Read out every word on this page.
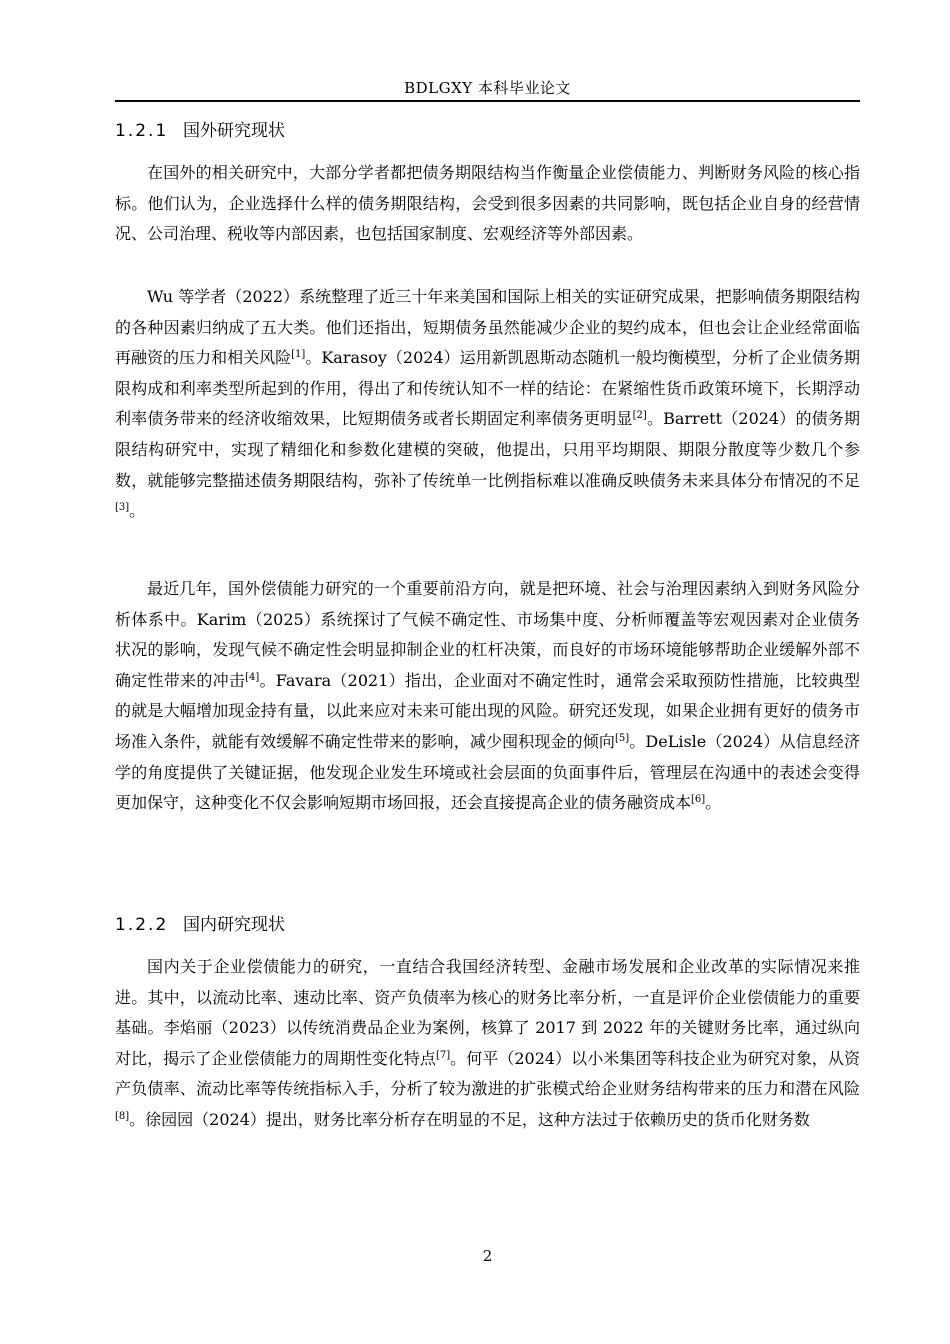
BDLGXY 本科毕业论文
1.2.1 国外研究现状

在国外的相关研究中，大部分学者都把债务期限结构当作衡量企业偿债能力、判断财务风险的核心指标。他们认为，企业选择什么样的债务期限结构，会受到很多因素的共同影响，既包括企业自身的经营情况、公司治理、税收等内部因素，也包括国家制度、宏观经济等外部因素。

Wu 等学者（2022）系统整理了近三十年来美国和国际上相关的实证研究成果，把影响债务期限结构的各种因素归纳成了五大类。他们还指出，短期债务虽然能减少企业的契约成本，但也会让企业经常面临再融资的压力和相关风险[1]。Karasoy（2024）运用新凯恩斯动态随机一般均衡模型，分析了企业债务期限构成和利率类型所起到的作用，得出了和传统认知不一样的结论：在紧缩性货币政策环境下，长期浮动利率债务带来的经济收缩效果，比短期债务或者长期固定利率债务更明显[2]。Barrett（2024）的债务期限结构研究中，实现了精细化和参数化建模的突破，他提出，只用平均期限、期限分散度等少数几个参数，就能够完整描述债务期限结构，弥补了传统单一比例指标难以准确反映债务未来具体分布情况的不足[3]。

最近几年，国外偿债能力研究的一个重要前沿方向，就是把环境、社会与治理因素纳入到财务风险分析体系中。Karim（2025）系统探讨了气候不确定性、市场集中度、分析师覆盖等宏观因素对企业债务状况的影响，发现气候不确定性会明显抑制企业的杠杆决策，而良好的市场环境能够帮助企业缓解外部不确定性带来的冲击[4]。Favara（2021）指出，企业面对不确定性时，通常会采取预防性措施，比较典型的就是大幅增加现金持有量，以此来应对未来可能出现的风险。研究还发现，如果企业拥有更好的债务市场准入条件，就能有效缓解不确定性带来的影响，减少囤积现金的倾向[5]。DeLisle（2024）从信息经济学的角度提供了关键证据，他发现企业发生环境或社会层面的负面事件后，管理层在沟通中的表述会变得更加保守，这种变化不仅会影响短期市场回报，还会直接提高企业的债务融资成本[6]。

1.2.2 国内研究现状

国内关于企业偿债能力的研究，一直结合我国经济转型、金融市场发展和企业改革的实际情况来推进。其中，以流动比率、速动比率、资产负债率为核心的财务比率分析，一直是评价企业偿债能力的重要基础。李焰丽（2023）以传统消费品企业为案例，核算了 2017 到 2022 年的关键财务比率，通过纵向对比，揭示了企业偿债能力的周期性变化特点[7]。何平（2024）以小米集团等科技企业为研究对象，从资产负债率、流动比率等传统指标入手，分析了较为激进的扩张模式给企业财务结构带来的压力和潜在风险[8]。徐园园（2024）提出，财务比率分析存在明显的不足，这种方法过于依赖历史的货币化财务数

2
